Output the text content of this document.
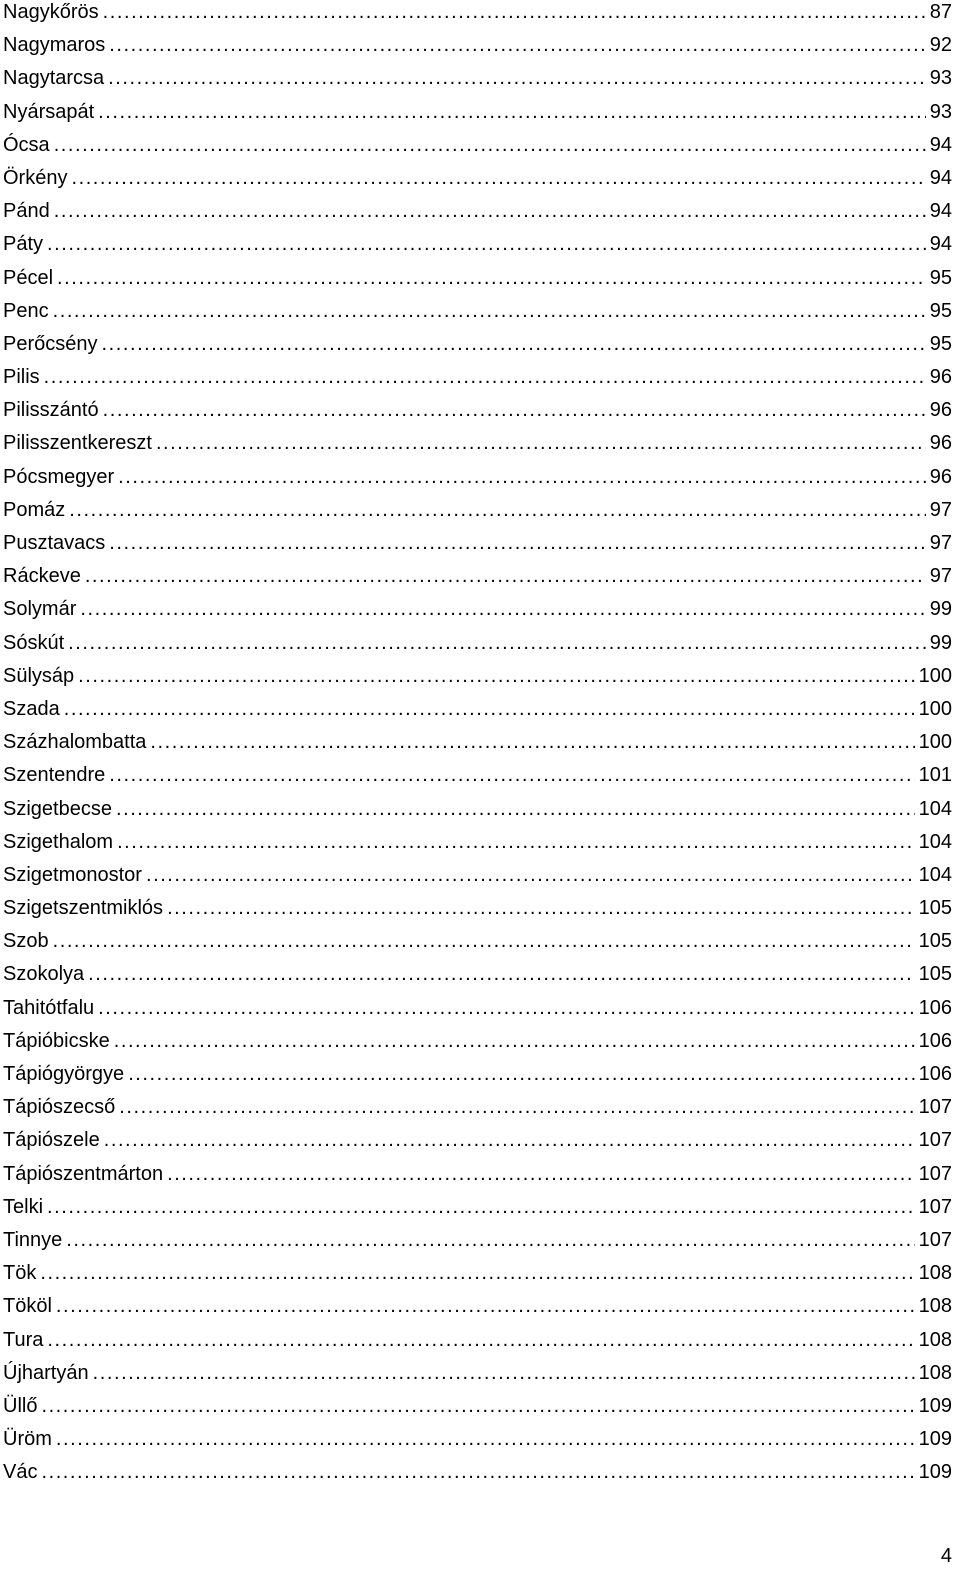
Nagykőrös . . .	87
Nagymaros . . .	92
Nagytarcsa . . .	93
Nyársapát . . .	93
Ócsa . . .	94
Örkény . . .	94
Pánd . . .	94
Páty . . .	94
Pécel . . .	95
Penc . . .	95
Perőcsény . . .	95
Pilis . . .	96
Pilisszántó . . .	96
Pilisszentkereszt . . .	96
Pócsmegyer . . .	96
Pomáz . . .	97
Pusztavacs . . .	97
Ráckeve . . .	97
Solymár . . .	99
Sóskút . . .	99
Sülysáp . . .	100
Szada . . .	100
Százhalombatta . . .	100
Szentendre . . .	101
Szigetbecse . . .	104
Szigethalom . . .	104
Szigetmonostor . . .	104
Szigetszentmiklós . . .	105
Szob . . .	105
Szokolya . . .	105
Tahitótfalu . . .	106
Tápióbicske . . .	106
Tápiógyörgye . . .	106
Tápiószecső . . .	107
Tápiószele . . .	107
Tápiószentmárton . . .	107
Telki . . .	107
Tinnye . . .	107
Tök . . .	108
Tököl . . .	108
Tura . . .	108
Újhartyán . . .	108
Üllő . . .	109
Üröm . . .	109
Vác . . .	109
4
